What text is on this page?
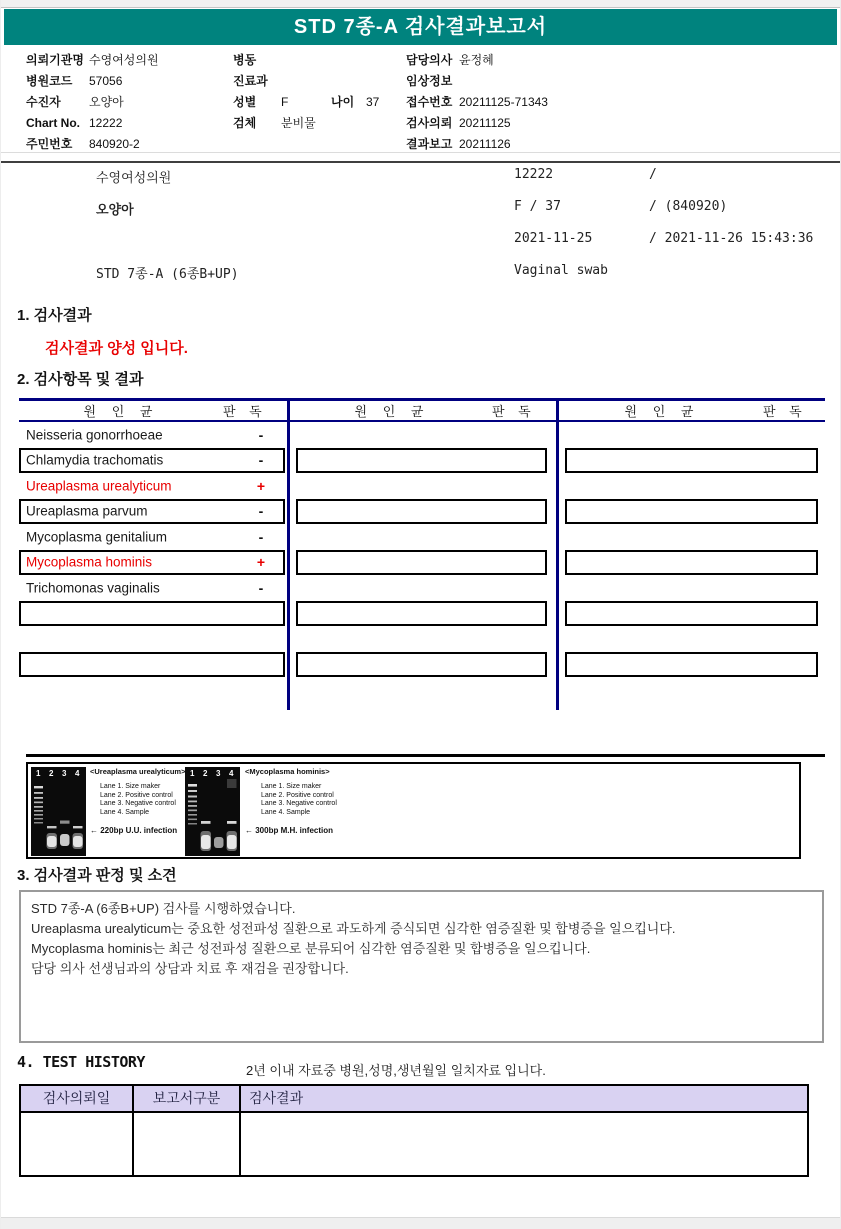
STD 7종-A 검사결과보고서
의뢰기관명 수영여성의원
병원코드 57056
수진자 오양아
Chart No. 12222
주민번호 840920-2
병동
진료과
성별 F	나이 37
검체 분비물
담당의사 윤정혜
임상정보
접수번호 20211125-71343
검사의뢰 20211125
결과보고 20211126
수영여성의원	12222	/
오양아	F / 37	/ (840920)
2021-11-25	/ 2021-11-26 15:43:36
STD 7종-A (6종B+UP)	Vaginal swab
1. 검사결과
검사결과 양성 입니다.
2. 검사항목 및 결과
원 인 균	판 독
Neisseria gonorrhoeae	-
Chlamydia trachomatis	-
Ureaplasma urealyticum	+
Ureaplasma parvum	-
Mycoplasma genitalium	-
Mycoplasma hominis	+
Trichomonas vaginalis	-
원 인 균	판 독	원 인 균	판 독
1 2 3 4 <Ureaplasma urealyticum>
Lane 1. Size maker
Lane 2. Positive control
Lane 3. Negative control
Lane 4. Sample
← 220bp U.U. infection
1 2 3 4 <Mycoplasma hominis>
Lane 1. Size maker
Lane 2. Positive control
Lane 3. Negative control
Lane 4. Sample
← 300bp M.H. infection
3. 검사결과 판정 및 소견
STD 7종-A (6종B+UP) 검사를 시행하였습니다.
Ureaplasma urealyticum는 중요한 성전파성 질환으로 과도하게 증식되면 심각한 염증질환 및 합병증을 일으킵니다.
Mycoplasma hominis는 최근 성전파성 질환으로 분류되어 심각한 염증질환 및 합병증을 일으킵니다.
담당 의사 선생님과의 상담과 치료 후 재검을 권장합니다.
4. TEST HISTORY	2년 이내 자료중 병원,성명,생년월일 일치자료 입니다.
검사의뢰일	보고서구분	검사결과
